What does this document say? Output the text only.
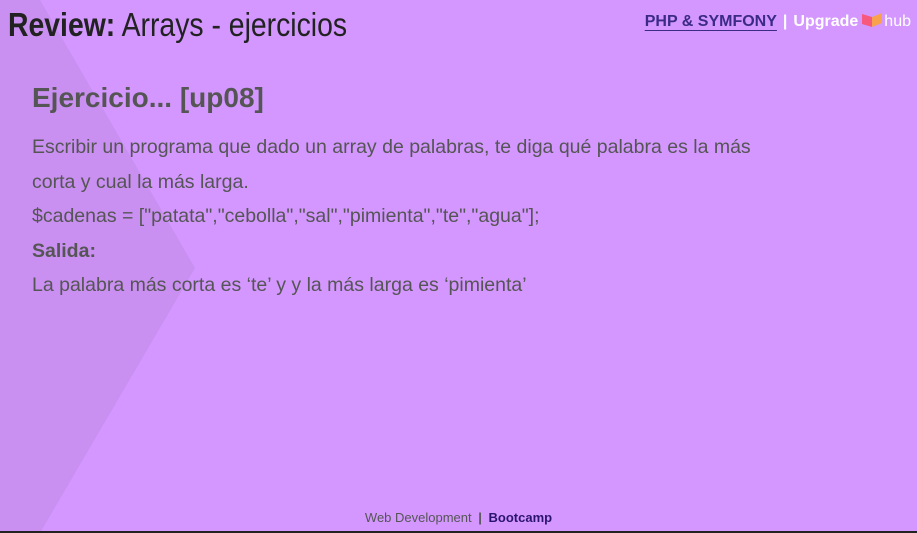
Review: Arrays - ejercicios	PHP & SYMFONY | Upgrade hub
Ejercicio... [up08]

Escribir un programa que dado un array de palabras, te diga qué palabra es la más

corta y cual la más larga.

$cadenas = ["patata","cebolla","sal","pimienta","te","agua"];

Salida:

La palabra más corta es ‘te’ y y la más larga es ‘pimienta’

Web Development | Bootcamp
